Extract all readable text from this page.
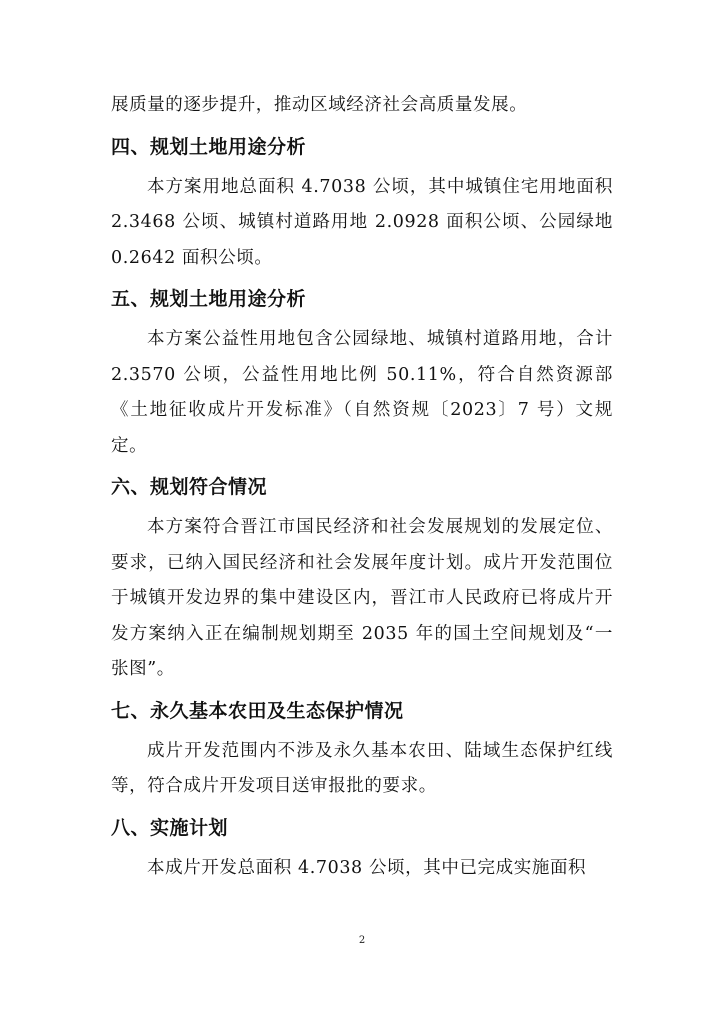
展质量的逐步提升，推动区域经济社会高质量发展。

四、规划土地用途分析

本方案用地总面积 4.7038 公顷，其中城镇住宅用地面积 2.3468 公顷、城镇村道路用地 2.0928 面积公顷、公园绿地 0.2642 面积公顷。

五、规划土地用途分析

本方案公益性用地包含公园绿地、城镇村道路用地，合计 2.3570 公顷，公益性用地比例 50.11%，符合自然资源部《土地征收成片开发标准》（自然资规〔2023〕7 号）文规定。

六、规划符合情况

本方案符合晋江市国民经济和社会发展规划的发展定位、要求，已纳入国民经济和社会发展年度计划。成片开发范围位于城镇开发边界的集中建设区内，晋江市人民政府已将成片开发方案纳入正在编制规划期至 2035 年的国土空间规划及“一张图”。

七、永久基本农田及生态保护情况

成片开发范围内不涉及永久基本农田、陆域生态保护红线等，符合成片开发项目送审报批的要求。

八、实施计划

本成片开发总面积 4.7038 公顷，其中已完成实施面积

2
